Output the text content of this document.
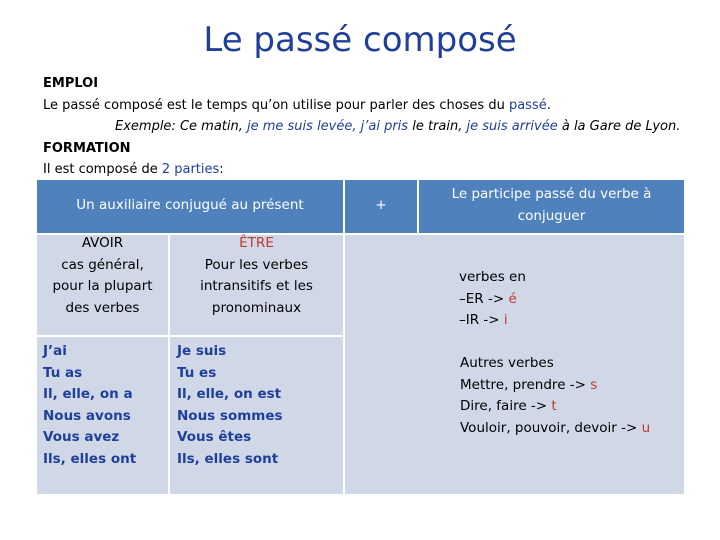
Le passé composé
EMPLOI
Le passé composé est le temps qu’on utilise pour parler des choses du passé.
Exemple: Ce matin, je me suis levée, j’ai pris le train, je suis arrivée à la Gare de Lyon.
FORMATION
Il est composé de 2 parties:
Un auxiliaire conjugué au présent	+
Le participe passé du verbe à conjuguer
AVOIR
cas général,
pour la plupart
des verbes
ÊTRE
Pour les verbes
intransitifs et les
pronominaux
J’ai
Tu as
Il, elle, on a
Nous avons
Vous avez
Ils, elles ont
Je suis
Tu es
Il, elle, on est
Nous sommes
Vous êtes
Ils, elles sont
verbes en
–ER -> é
–IR -> i
Autres verbes
Mettre, prendre -> s
Dire, faire -> t
Vouloir, pouvoir, devoir -> u
